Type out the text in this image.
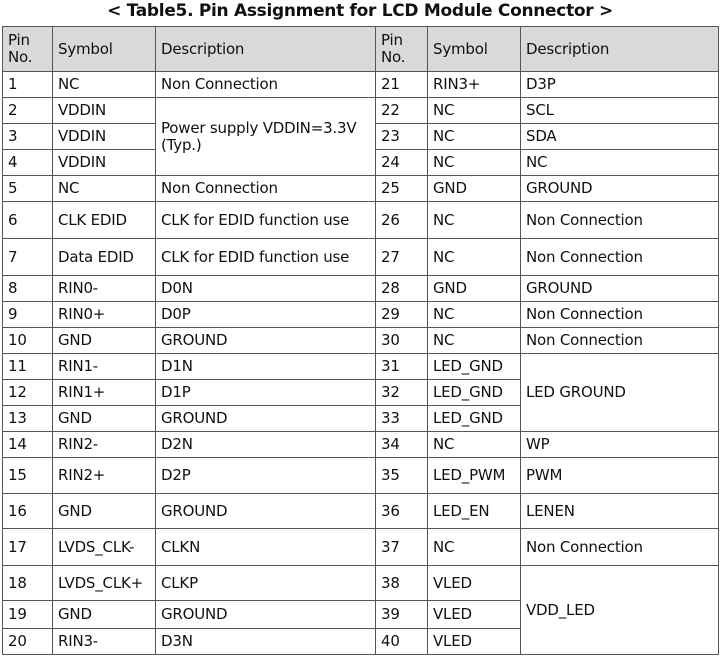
< Table5. Pin Assignment for LCD Module Connector >
Pin No.	Symbol	Description	Pin No.	Symbol	Description
1	NC	Non Connection	21	RIN3+	D3P
2	VDDIN	Power supply VDDIN=3.3V (Typ.)	22	NC	SCL
3	VDDIN		23	NC	SDA
4	VDDIN		24	NC	NC
5	NC	Non Connection	25	GND	GROUND
6	CLK EDID	CLK for EDID function use	26	NC	Non Connection
7	Data EDID	CLK for EDID function use	27	NC	Non Connection
8	RIN0-	D0N	28	GND	GROUND
9	RIN0+	D0P	29	NC	Non Connection
10	GND	GROUND	30	NC	Non Connection
11	RIN1-	D1N	31	LED_GND	LED GROUND
12	RIN1+	D1P	32	LED_GND	
13	GND	GROUND	33	LED_GND	
14	RIN2-	D2N	34	NC	WP
15	RIN2+	D2P	35	LED_PWM	PWM
16	GND	GROUND	36	LED_EN	LENEN
17	LVDS_CLK-	CLKN	37	NC	Non Connection
18	LVDS_CLK+	CLKP	38	VLED	VDD_LED
19	GND	GROUND	39	VLED	
20	RIN3-	D3N	40	VLED	
